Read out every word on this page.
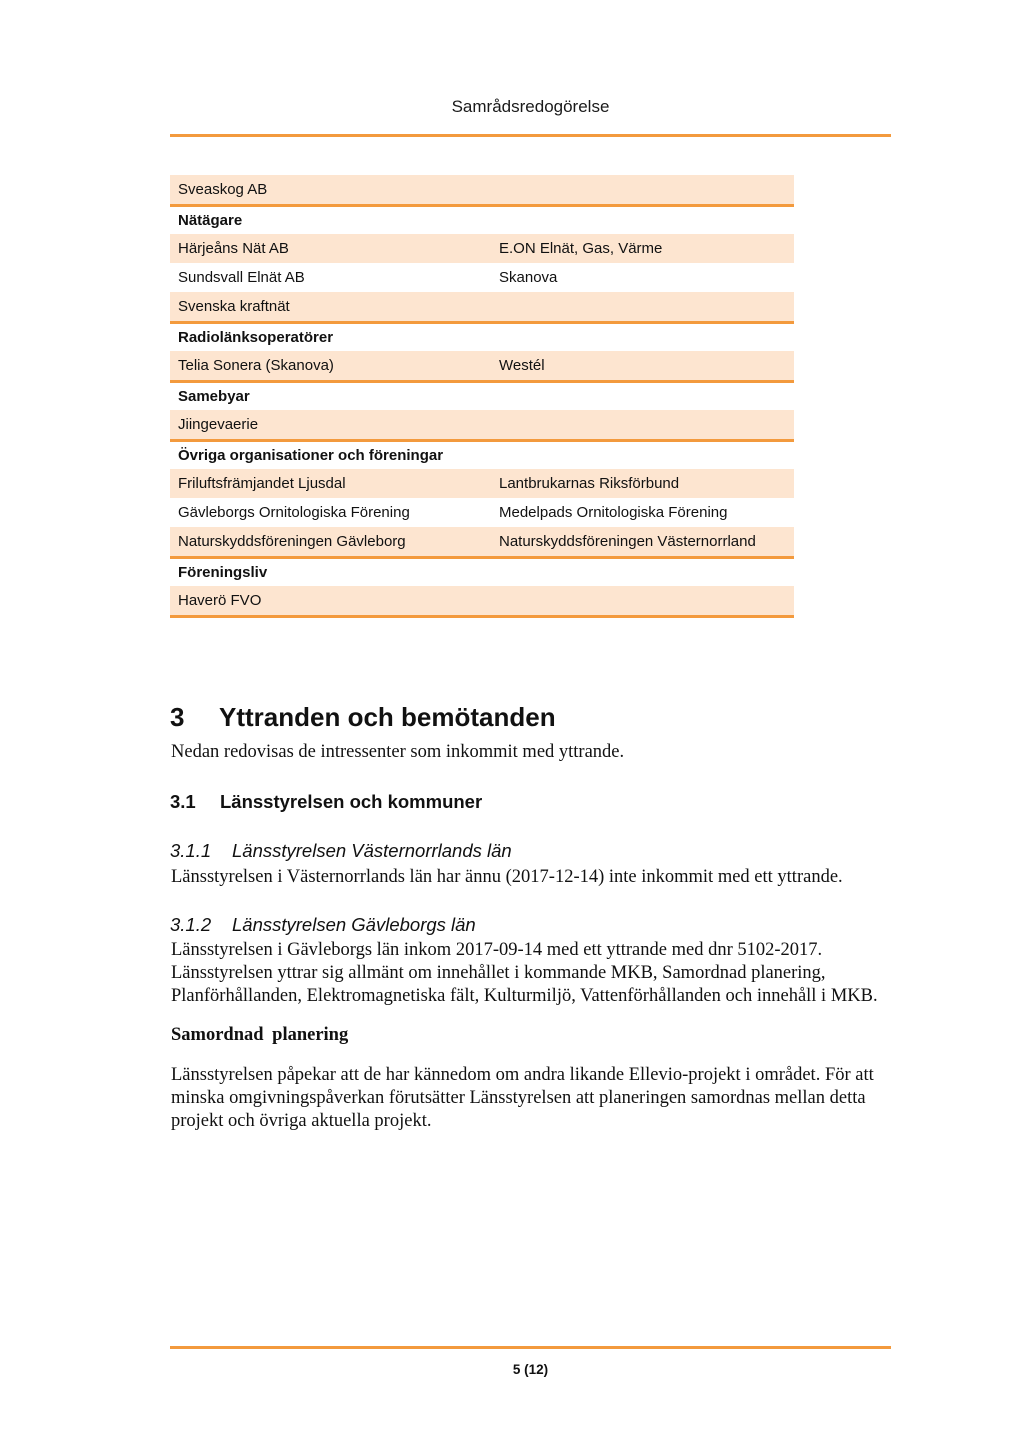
Samrådsredogörelse
Sveaskog AB
Nätägare
Härjeåns Nät AB	E.ON Elnät, Gas, Värme
Sundsvall Elnät AB	Skanova
Svenska kraftnät
Radiolänksoperatörer
Telia Sonera (Skanova)	Westél
Samebyar
Jiingevaerie
Övriga organisationer och föreningar
Friluftsfrämjandet Ljusdal	Lantbrukarnas Riksförbund
Gävleborgs Ornitologiska Förening	Medelpads Ornitologiska Förening
Naturskyddsföreningen Gävleborg	Naturskyddsföreningen Västernorrland
Föreningsliv
Haverö FVO
3 Yttranden och bemötanden
Nedan redovisas de intressenter som inkommit med yttrande.
3.1 Länsstyrelsen och kommuner
3.1.1 Länsstyrelsen Västernorrlands län
Länsstyrelsen i Västernorrlands län har ännu (2017-12-14) inte inkommit med ett yttrande.
3.1.2 Länsstyrelsen Gävleborgs län
Länsstyrelsen i Gävleborgs län inkom 2017-09-14 med ett yttrande med dnr 5102-2017. Länsstyrelsen yttrar sig allmänt om innehållet i kommande MKB, Samordnad planering, Planförhållanden, Elektromagnetiska fält, Kulturmiljö, Vattenförhållanden och innehåll i MKB.
Samordnad planering
Länsstyrelsen påpekar att de har kännedom om andra likande Ellevio-projekt i området. För att minska omgivningspåverkan förutsätter Länsstyrelsen att planeringen samordnas mellan detta projekt och övriga aktuella projekt.
5 (12)
